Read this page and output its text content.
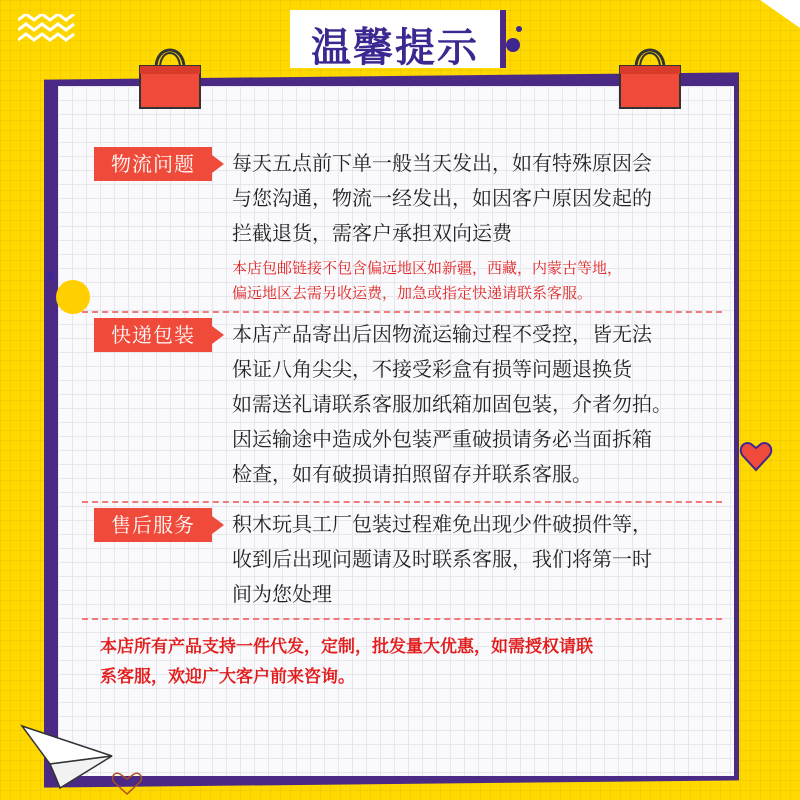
温馨提示
物流问题	每天五点前下单一般当天发出，如有特殊原因会
与您沟通，物流一经发出，如因客户原因发起的
拦截退货，需客户承担双向运费
本店包邮链接不包含偏远地区如新疆，西藏，内蒙古等地，
偏远地区去需另收运费，加急或指定快递请联系客服。
快递包装	本店产品寄出后因物流运输过程不受控，皆无法
保证八角尖尖，不接受彩盒有损等问题退换货
如需送礼请联系客服加纸箱加固包装，介者勿拍。
因运输途中造成外包装严重破损请务必当面拆箱
检查，如有破损请拍照留存并联系客服。
售后服务	积木玩具工厂包装过程难免出现少件破损件等，
收到后出现问题请及时联系客服，我们将第一时
间为您处理
本店所有产品支持一件代发，定制，批发量大优惠，如需授权请联
系客服，欢迎广大客户前来咨询。
